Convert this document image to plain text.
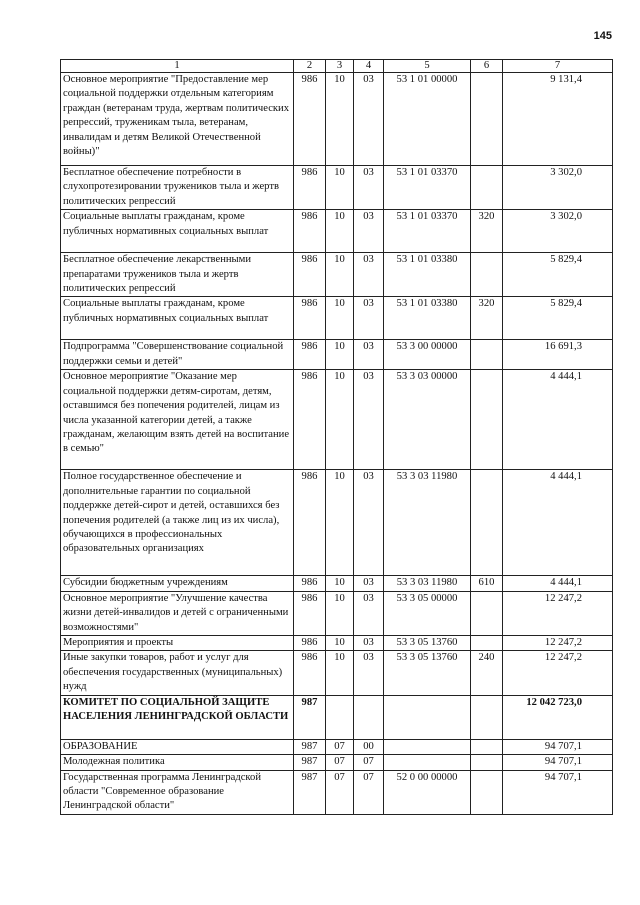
145
1	2	3	4	5	6	7
Основное мероприятие "Предоставление мер социальной поддержки отдельным категориям граждан (ветеранам труда, жертвам политических репрессий, труженикам тыла, ветеранам, инвалидам и детям Великой Отечественной войны)"	986	10	03	53 1 01 00000		9 131,4
Бесплатное обеспечение потребности в слухопротезировании тружеников тыла и жертв политических репрессий	986	10	03	53 1 01 03370		3 302,0
Социальные выплаты гражданам, кроме публичных нормативных социальных выплат	986	10	03	53 1 01 03370	320	3 302,0
Бесплатное обеспечение лекарственными препаратами тружеников тыла и жертв политических репрессий	986	10	03	53 1 01 03380		5 829,4
Социальные выплаты гражданам, кроме публичных нормативных социальных выплат	986	10	03	53 1 01 03380	320	5 829,4
Подпрограмма "Совершенствование социальной поддержки семьи и детей"	986	10	03	53 3 00 00000		16 691,3
Основное мероприятие "Оказание мер социальной поддержки детям-сиротам, детям, оставшимся без попечения родителей, лицам из числа указанной категории детей, а также гражданам, желающим взять детей на воспитание в семью"	986	10	03	53 3 03 00000		4 444,1
Полное государственное обеспечение и дополнительные гарантии по социальной поддержке детей-сирот и детей, оставшихся без попечения родителей (а также лиц из их числа), обучающихся в профессиональных образовательных организациях	986	10	03	53 3 03 11980		4 444,1
Субсидии бюджетным учреждениям	986	10	03	53 3 03 11980	610	4 444,1
Основное мероприятие "Улучшение качества жизни детей-инвалидов и детей с ограниченными возможностями"	986	10	03	53 3 05 00000		12 247,2
Мероприятия и проекты	986	10	03	53 3 05 13760		12 247,2
Иные закупки товаров, работ и услуг для обеспечения государственных (муниципальных) нужд	986	10	03	53 3 05 13760	240	12 247,2
КОМИТЕТ ПО СОЦИАЛЬНОЙ ЗАЩИТЕ НАСЕЛЕНИЯ ЛЕНИНГРАДСКОЙ ОБЛАСТИ	987					12 042 723,0
ОБРАЗОВАНИЕ	987	07	00			94 707,1
Молодежная политика	987	07	07			94 707,1
Государственная программа Ленинградской области "Современное образование Ленинградской области"	987	07	07	52 0 00 00000		94 707,1
